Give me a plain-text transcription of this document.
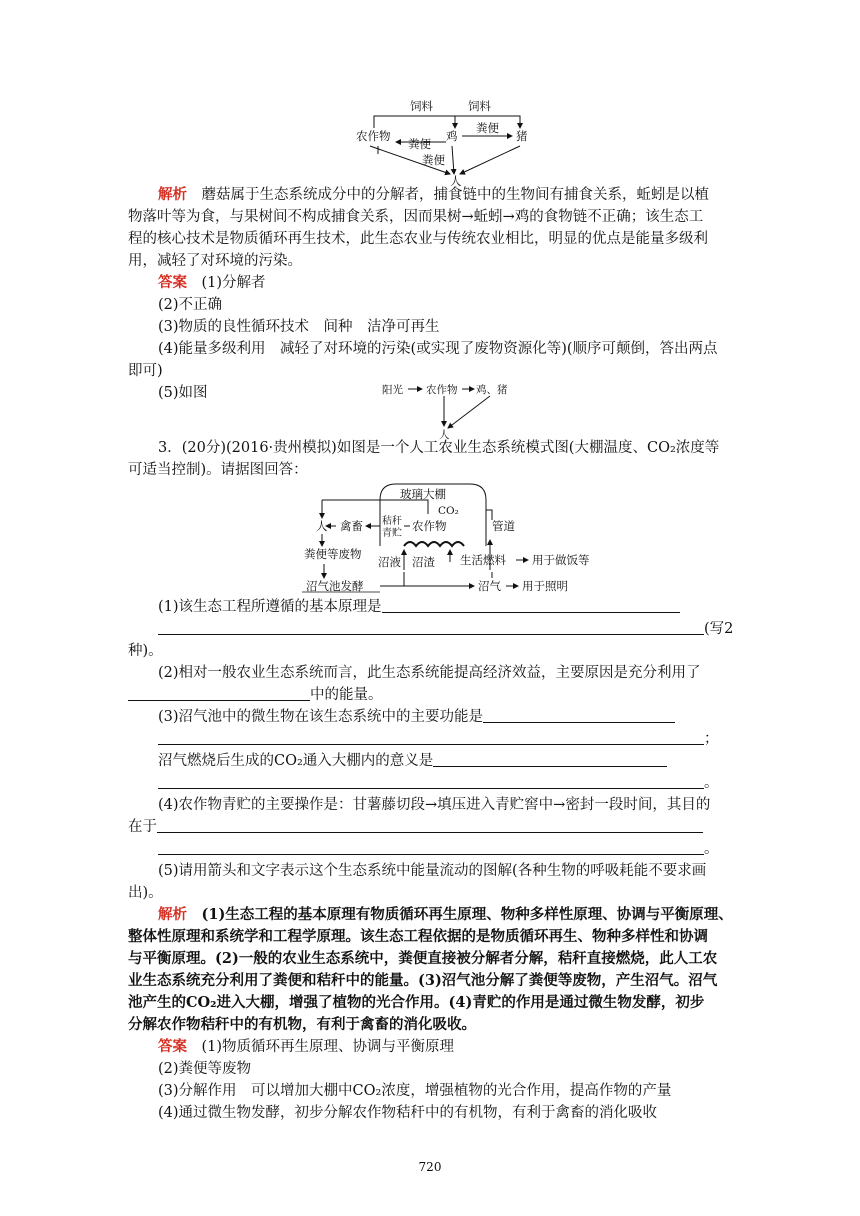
饲料	饲料
农作物	鸡	猪
粪便
粪便
粪便
人
解析　 蘑菇属于生态系统成分中的分解者，捕食链中的生物间有捕食关系，蚯蚓是以植
物落叶等为食，与果树间不构成捕食关系，因而果树→蚯蚓→鸡的食物链不正确；该生态工
程的核心技术是物质循环再生技术，此生态农业与传统农业相比，明显的优点是能量多级利
用，减轻了对环境的污染。
答案　 (1)分解者
(2)不正确
(3)物质的良性循环技术　间种　洁净可再生
(4)能量多级利用　减轻了对环境的污染(或实现了废物资源化等)(顺序可颠倒，答出两点
即可)
(5)如图	阳光 农作物 鸡、猪
人
3．(20分)(2016·贵州模拟)如图是一个人工农业生态系统模式图(大棚温度、CO₂浓度等
可适当控制)。请据图回答：
玻璃大棚
CO₂
人 禽畜 秸秆
青贮
农作物	管道
粪便等废物
沼液 沼渣 生活燃料 用于做饭等
沼气池发酵	沼气 用于照明
(1)该生态工程所遵循的基本原理是
(写2
种)。
(2)相对一般农业生态系统而言，此生态系统能提高经济效益，主要原因是充分利用了
中的能量。
(3)沼气池中的微生物在该生态系统中的主要功能是
；
沼气燃烧后生成的CO₂通入大棚内的意义是
。
(4)农作物青贮的主要操作是：甘薯藤切段→填压进入青贮窖中→密封一段时间，其目的
在于
。
(5)请用箭头和文字表示这个生态系统中能量流动的图解(各种生物的呼吸耗能不要求画
出)。
解析　 (1)生态工程的基本原理有物质循环再生原理、物种多样性原理、协调与平衡原理、
整体性原理和系统学和工程学原理。该生态工程依据的是物质循环再生、物种多样性和协调
与平衡原理。(2)一般的农业生态系统中，粪便直接被分解者分解，秸秆直接燃烧，此人工农
业生态系统充分利用了粪便和秸秆中的能量。(3)沼气池分解了粪便等废物，产生沼气。沼气
池产生的CO₂进入大棚，增强了植物的光合作用。(4)青贮的作用是通过微生物发酵，初步
分解农作物秸秆中的有机物，有利于禽畜的消化吸收。
答案　 (1)物质循环再生原理、协调与平衡原理
(2)粪便等废物
(3)分解作用　可以增加大棚中CO₂浓度，增强植物的光合作用，提高作物的产量
(4)通过微生物发酵，初步分解农作物秸秆中的有机物，有利于禽畜的消化吸收
720
